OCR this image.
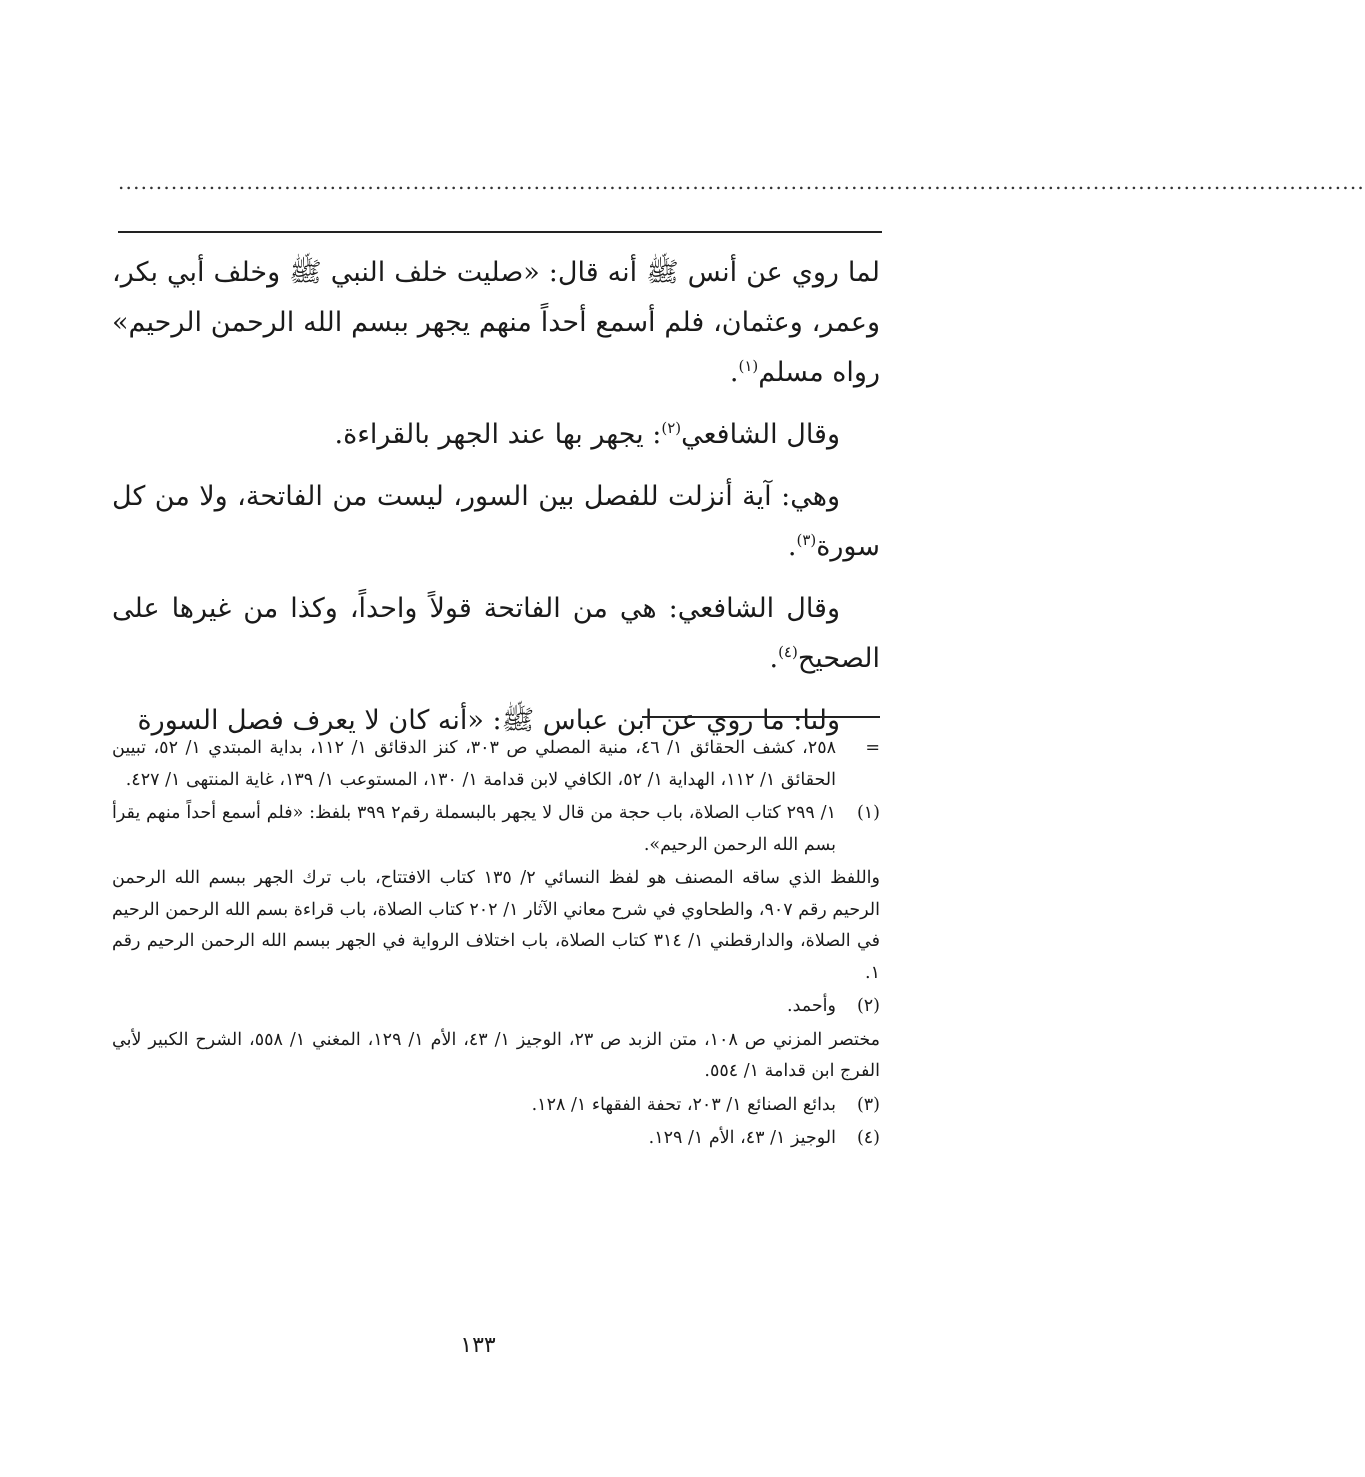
.....................................................................................................................................................................

لما روي عن أنس ﷺ أنه قال: «صليت خلف النبي ﷺ وخلف أبي بكر، وعمر، وعثمان، فلم أسمع أحداً منهم يجهر ببسم الله الرحمن الرحيم» رواه مسلم$^{(١)}$.

وقال الشافعي$^{(٢)}$: يجهر بها عند الجهر بالقراءة.

وهي: آية أنزلت للفصل بين السور، ليست من الفاتحة، ولا من كل سورة$^{(٣)}$.

وقال الشافعي: هي من الفاتحة قولاً واحداً، وكذا من غيرها على الصحيح$^{(٤)}$.

ولنا: ما روي عن ابن عباس ﷺ: «أنه كان لا يعرف فصل السورة

=
٢٥٨، كشف الحقائق ١/ ٤٦، منية المصلي ص ٣٠٣، كنز الدقائق ١/ ١١٢، بداية المبتدي ١/ ٥٢، تبيين الحقائق ١/ ١١٢، الهداية ١/ ٥٢، الكافي لابن قدامة ١/ ١٣٠، المستوعب ١/ ١٣٩، غاية المنتهى ١/ ٤٢٧.
(١)
١/ ٢٩٩ كتاب الصلاة، باب حجة من قال لا يجهر بالبسملة رقم٢ ٣٩٩ بلفظ: «فلم أسمع أحداً منهم يقرأ بسم الله الرحمن الرحيم».
واللفظ الذي ساقه المصنف هو لفظ النسائي ٢/ ١٣٥ كتاب الافتتاح، باب ترك الجهر ببسم الله الرحمن الرحيم رقم ٩٠٧، والطحاوي في شرح معاني الآثار ١/ ٢٠٢ كتاب الصلاة، باب قراءة بسم الله الرحمن الرحيم في الصلاة، والدارقطني ١/ ٣١٤ كتاب الصلاة، باب اختلاف الرواية في الجهر ببسم الله الرحمن الرحيم رقم ١.
(٢)
وأحمد.
مختصر المزني ص ١٠٨، متن الزبد ص ٢٣، الوجيز ١/ ٤٣، الأم ١/ ١٢٩، المغني ١/ ٥٥٨، الشرح الكبير لأبي الفرج ابن قدامة ١/ ٥٥٤.
(٣)
بدائع الصنائع ١/ ٢٠٣، تحفة الفقهاء ١/ ١٢٨.
(٤)
الوجيز ١/ ٤٣، الأم ١/ ١٢٩.
١٣٣
